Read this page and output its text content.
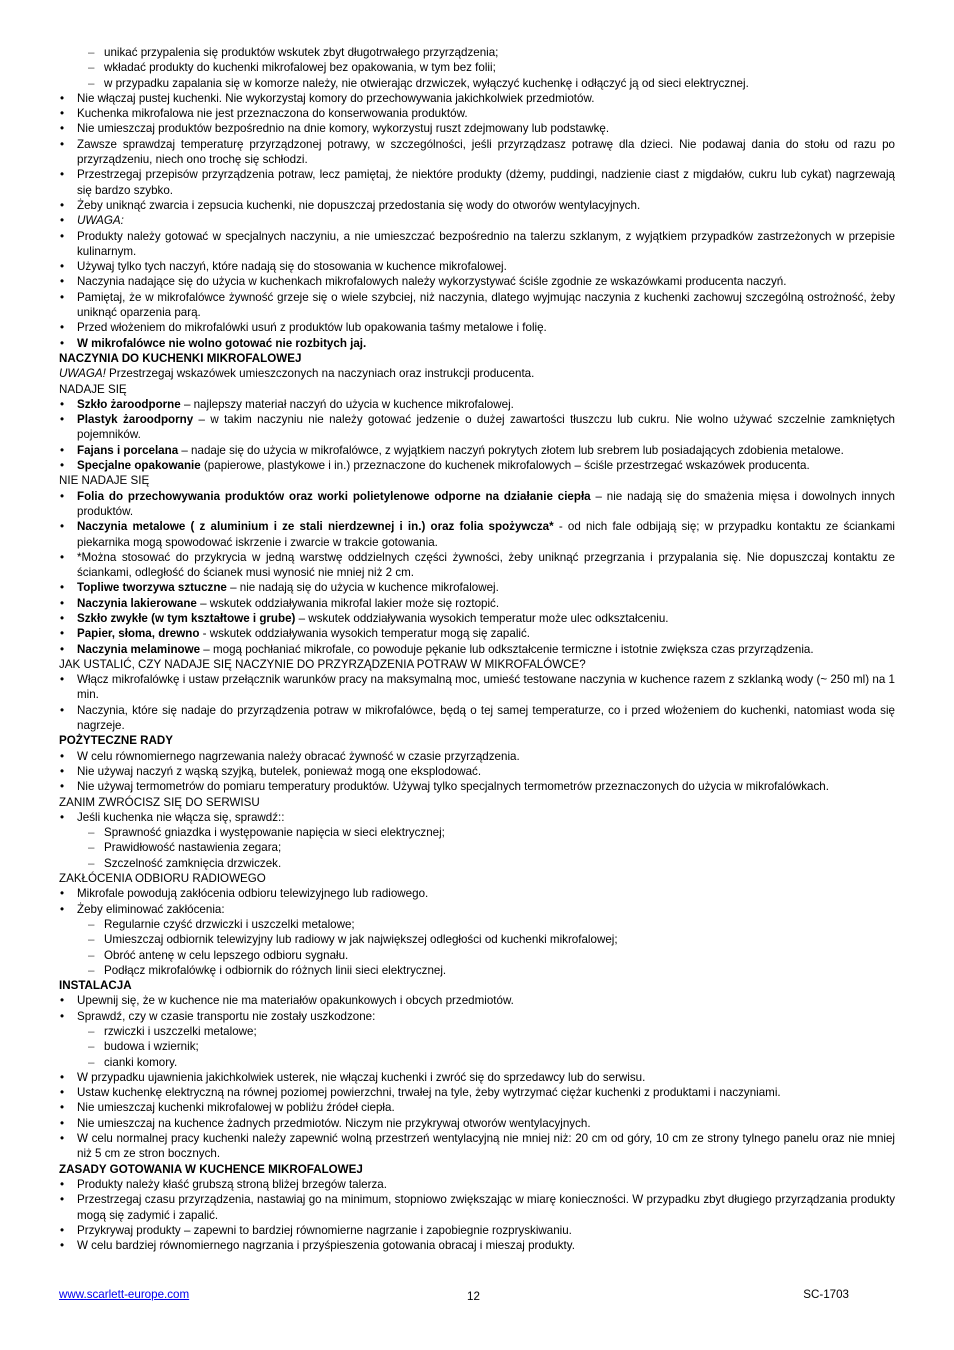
– unikać przypalenia się produktów wskutek zbyt długotrwałego przyrządzenia;
– wkładać produkty do kuchenki mikrofalowej bez opakowania, w tym bez folii;
– w przypadku zapalania się w komorze należy, nie otwierając drzwiczek, wyłączyć kuchenkę i odłączyć ją od sieci elektrycznej.
• Nie włączaj pustej kuchenki. Nie wykorzystaj komory do przechowywania jakichkolwiek przedmiotów.
• Kuchenka mikrofalowa nie jest przeznaczona do konserwowania produktów.
• Nie umieszczaj produktów bezpośrednio na dnie komory, wykorzystuj ruszt zdejmowany lub podstawkę.
• Zawsze sprawdzaj temperaturę przyrządzonej potrawy, w szczególności, jeśli przyrządzasz potrawę dla dzieci. Nie podawaj dania do stołu od razu po przyrządzeniu, niech ono trochę się schłodzi.
• Przestrzegaj przepisów przyrządzenia potraw, lecz pamiętaj, że niektóre produkty (dżemy, puddingi, nadzienie ciast z migdałów, cukru lub cykat) nagrzewają się bardzo szybko.
• Żeby uniknąć zwarcia i zepsucia kuchenki, nie dopuszczaj przedostania się wody do otworów wentylacyjnych.
• UWAGA:
• Produkty należy gotować w specjalnych naczyniu, a nie umieszczać bezpośrednio na talerzu szklanym, z wyjątkiem przypadków zastrzeżonych w przepisie kulinarnym.
• Używaj tylko tych naczyń, które nadają się do stosowania w kuchence mikrofalowej.
• Naczynia nadające się do użycia w kuchenkach mikrofalowych należy wykorzystywać ściśle zgodnie ze wskazówkami producenta naczyń.
• Pamiętaj, że w mikrofalówce żywność grzeje się o wiele szybciej, niż naczynia, dlatego wyjmując naczynia z kuchenki zachowuj szczególną ostrożność, żeby uniknąć oparzenia parą.
• Przed włożeniem do mikrofalówki usuń z produktów lub opakowania taśmy metalowe i folię.
• W mikrofalówce nie wolno gotować nie rozbitych jaj.
NACZYNIA DO KUCHENKI MIKROFALOWEJ
UWAGA! Przestrzegaj wskazówek umieszczonych na naczyniach oraz instrukcji producenta.
NADAJE SIĘ
• Szkło żaroodporne – najlepszy materiał naczyń do użycia w kuchence mikrofalowej.
• Plastyk żaroodporny – w takim naczyniu nie należy gotować jedzenie o dużej zawartości tłuszczu lub cukru. Nie wolno używać szczelnie zamkniętych pojemników.
• Fajans i porcelana – nadaje się do użycia w mikrofalówce, z wyjątkiem naczyń pokrytych złotem lub srebrem lub posiadających zdobienia metalowe.
• Specjalne opakowanie (papierowe, plastykowe i in.) przeznaczone do kuchenek mikrofalowych – ściśle przestrzegać wskazówek producenta.
NIE NADAJE SIĘ
• Folia do przechowywania produktów oraz worki polietylenowe odporne na działanie ciepła – nie nadają się do smażenia mięsa i dowolnych innych produktów.
• Naczynia metalowe ( z aluminium i ze stali nierdzewnej i in.) oraz folia spożywcza* - od nich fale odbijają się; w przypadku kontaktu ze ściankami piekarnika mogą spowodować iskrzenie i zwarcie w trakcie gotowania.
• *Można stosować do przykrycia w jedną warstwę oddzielnych części żywności, żeby uniknąć przegrzania i przypalania się. Nie dopuszczaj kontaktu ze ściankami, odległość do ścianek musi wynosić nie mniej niż 2 cm.
• Topliwe tworzywa sztuczne – nie nadają się do użycia w kuchence mikrofalowej.
• Naczynia lakierowane – wskutek oddziaływania mikrofal lakier może się roztopić.
• Szkło zwykłe (w tym kształtowe i grube) – wskutek oddziaływania wysokich temperatur może ulec odkształceniu.
• Papier, słoma, drewno - wskutek oddziaływania wysokich temperatur mogą się zapalić.
• Naczynia melaminowe – mogą pochłaniać mikrofale, co powoduje pękanie lub odkształcenie termiczne i istotnie zwiększa czas przyrządzenia.
JAK USTALIĆ, CZY NADAJE SIĘ NACZYNIE DO PRZYRZĄDZENIA POTRAW W MIKROFALÓWCE?
• Włącz mikrofalówkę i ustaw przełącznik warunków pracy na maksymalną moc, umieść testowane naczynia w kuchence razem z szklanką wody (~ 250 ml) na 1 min.
• Naczynia, które się nadaje do przyrządzenia potraw w mikrofalówce, będą o tej samej temperaturze, co i przed włożeniem do kuchenki, natomiast woda się nagrzeje.
POŻYTECZNE RADY
• W celu równomiernego nagrzewania należy obracać żywność w czasie przyrządzenia.
• Nie używaj naczyń z wąską szyjką, butelek, ponieważ mogą one eksplodować.
• Nie używaj termometrów do pomiaru temperatury produktów. Używaj tylko specjalnych termometrów przeznaczonych do użycia w mikrofalówkach.
ZANIM ZWRÓCISZ SIĘ DO SERWISU
• Jeśli kuchenka nie włącza się, sprawdź::
– Sprawność gniazdka i występowanie napięcia w sieci elektrycznej;
– Prawidłowość nastawienia zegara;
– Szczelność zamknięcia drzwiczek.
ZAKŁÓCENIA ODBIORU RADIOWEGO
• Mikrofale powodują zakłócenia odbioru telewizyjnego lub radiowego.
• Żeby eliminować zakłócenia:
– Regularnie czyść drzwiczki i uszczelki metalowe;
– Umieszczaj odbiornik telewizyjny lub radiowy w jak największej odległości od kuchenki mikrofalowej;
– Obróć antenę w celu lepszego odbioru sygnału.
– Podłącz mikrofalówkę i odbiornik do różnych linii sieci elektrycznej.
INSTALACJA
• Upewnij się, że w kuchence nie ma materiałów opakunkowych i obcych przedmiotów.
• Sprawdź, czy w czasie transportu nie zostały uszkodzone:
– rzwiczki i uszczelki metalowe;
– budowa i wziernik;
– cianki komory.
• W przypadku ujawnienia jakichkolwiek usterek, nie włączaj kuchenki i zwróć się do sprzedawcy lub do serwisu.
• Ustaw kuchenkę elektryczną na równej poziomej powierzchni, trwałej na tyle, żeby wytrzymać ciężar kuchenki z produktami i naczyniami.
• Nie umieszczaj kuchenki mikrofalowej w pobliżu źródeł ciepła.
• Nie umieszczaj na kuchence żadnych przedmiotów. Niczym nie przykrywaj otworów wentylacyjnych.
• W celu normalnej pracy kuchenki należy zapewnić wolną przestrzeń wentylacyjną nie mniej niż: 20 cm od góry, 10 cm ze strony tylnego panelu oraz nie mniej niż 5 cm ze stron bocznych.
ZASADY GOTOWANIA W KUCHENCE MIKROFALOWEJ
• Produkty należy kłaść grubszą stroną bliżej brzegów talerza.
• Przestrzegaj czasu przyrządzenia, nastawiaj go na minimum, stopniowo zwiększając w miarę konieczności. W przypadku zbyt długiego przyrządzania produkty mogą się zadymić i zapalić.
• Przykrywaj produkty – zapewni to bardziej równomierne nagrzanie i zapobiegnie rozpryskiwaniu.
• W celu bardziej równomiernego nagrzania i przyśpieszenia gotowania obracaj i mieszaj produkty.
www.scarlett-europe.com	12	SC-1703
